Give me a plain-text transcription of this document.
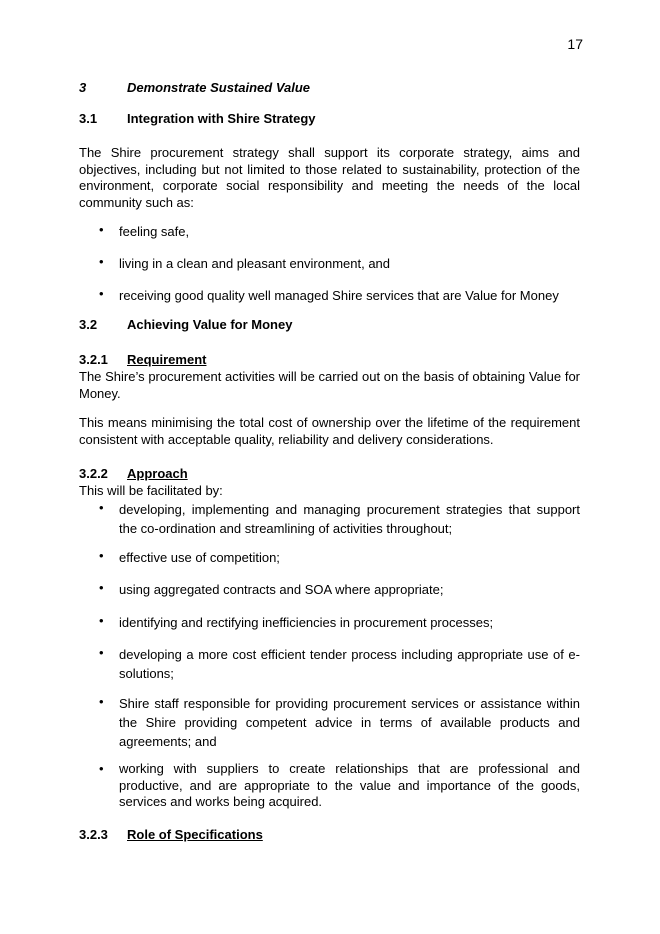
17
3	Demonstrate Sustained Value
3.1 Integration with Shire Strategy

The Shire procurement strategy shall support its corporate strategy, aims and objectives, including but not limited to those related to sustainability, protection of the environment, corporate social responsibility and meeting the needs of the local community such as:

• feeling safe,
• living in a clean and pleasant environment, and
• receiving good quality well managed Shire services that are Value for Money
3.2 Achieving Value for Money
3.2.1 Requirement

The Shire’s procurement activities will be carried out on the basis of obtaining Value for Money.

This means minimising the total cost of ownership over the lifetime of the requirement consistent with acceptable quality, reliability and delivery considerations.

3.2.2 Approach

This will be facilitated by:

• developing, implementing and managing procurement strategies that support the co-ordination and streamlining of activities throughout;
• effective use of competition;
• using aggregated contracts and SOA where appropriate;
• identifying and rectifying inefficiencies in procurement processes;
• developing a more cost efficient tender process including appropriate use of e-solutions;
• Shire staff responsible for providing procurement services or assistance within the Shire providing competent advice in terms of available products and agreements; and
• working with suppliers to create relationships that are professional and productive, and are appropriate to the value and importance of the goods, services and works being acquired.
3.2.3 Role of Specifications
